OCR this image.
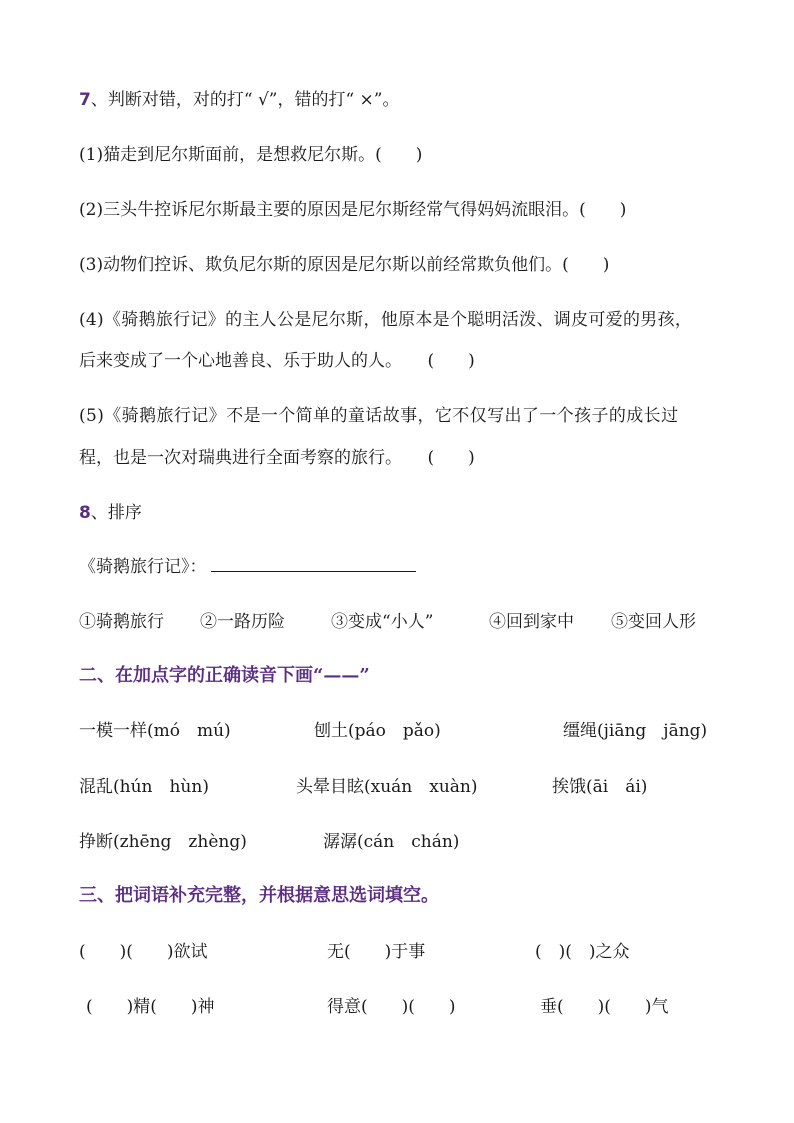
7、判断对错，对的打“ √”，错的打“ ×”。
(1)猫走到尼尔斯面前，是想救尼尔斯。(　　)
(2)三头牛控诉尼尔斯最主要的原因是尼尔斯经常气得妈妈流眼泪。(　　)
(3)动物们控诉、欺负尼尔斯的原因是尼尔斯以前经常欺负他们。(　　)
(4)《骑鹅旅行记》的主人公是尼尔斯，他原本是个聪明活泼、调皮可爱的男孩，
后来变成了一个心地善良、乐于助人的人。　　(　　)
(5)《骑鹅旅行记》不是一个简单的童话故事，它不仅写出了一个孩子的成长过
程，也是一次对瑞典进行全面考察的旅行。　　(　　)
8、排序
《骑鹅旅行记》：
①骑鹅旅行 ②一路历险	③变成“小人”	④回到家中 ⑤变回人形
二、在加点字的正确读音下画“——”
一模一样(mó　mú)	刨土(páo　pǎo)	缰绳(jiāng　jāng)
混乱(hún　hùn)	头晕目眩(xuán　xuàn)	挨饿(āi　ái)
挣断(zhēng　zhèng)	潺潺(cán　chán)
三、把词语补充完整，并根据意思选词填空。
(　　)(　　)欲试	无(　　)于事	(　)(　)之众
(　　)精(　　)神	得意(　　)(　　)	垂(　　)(　　)气
